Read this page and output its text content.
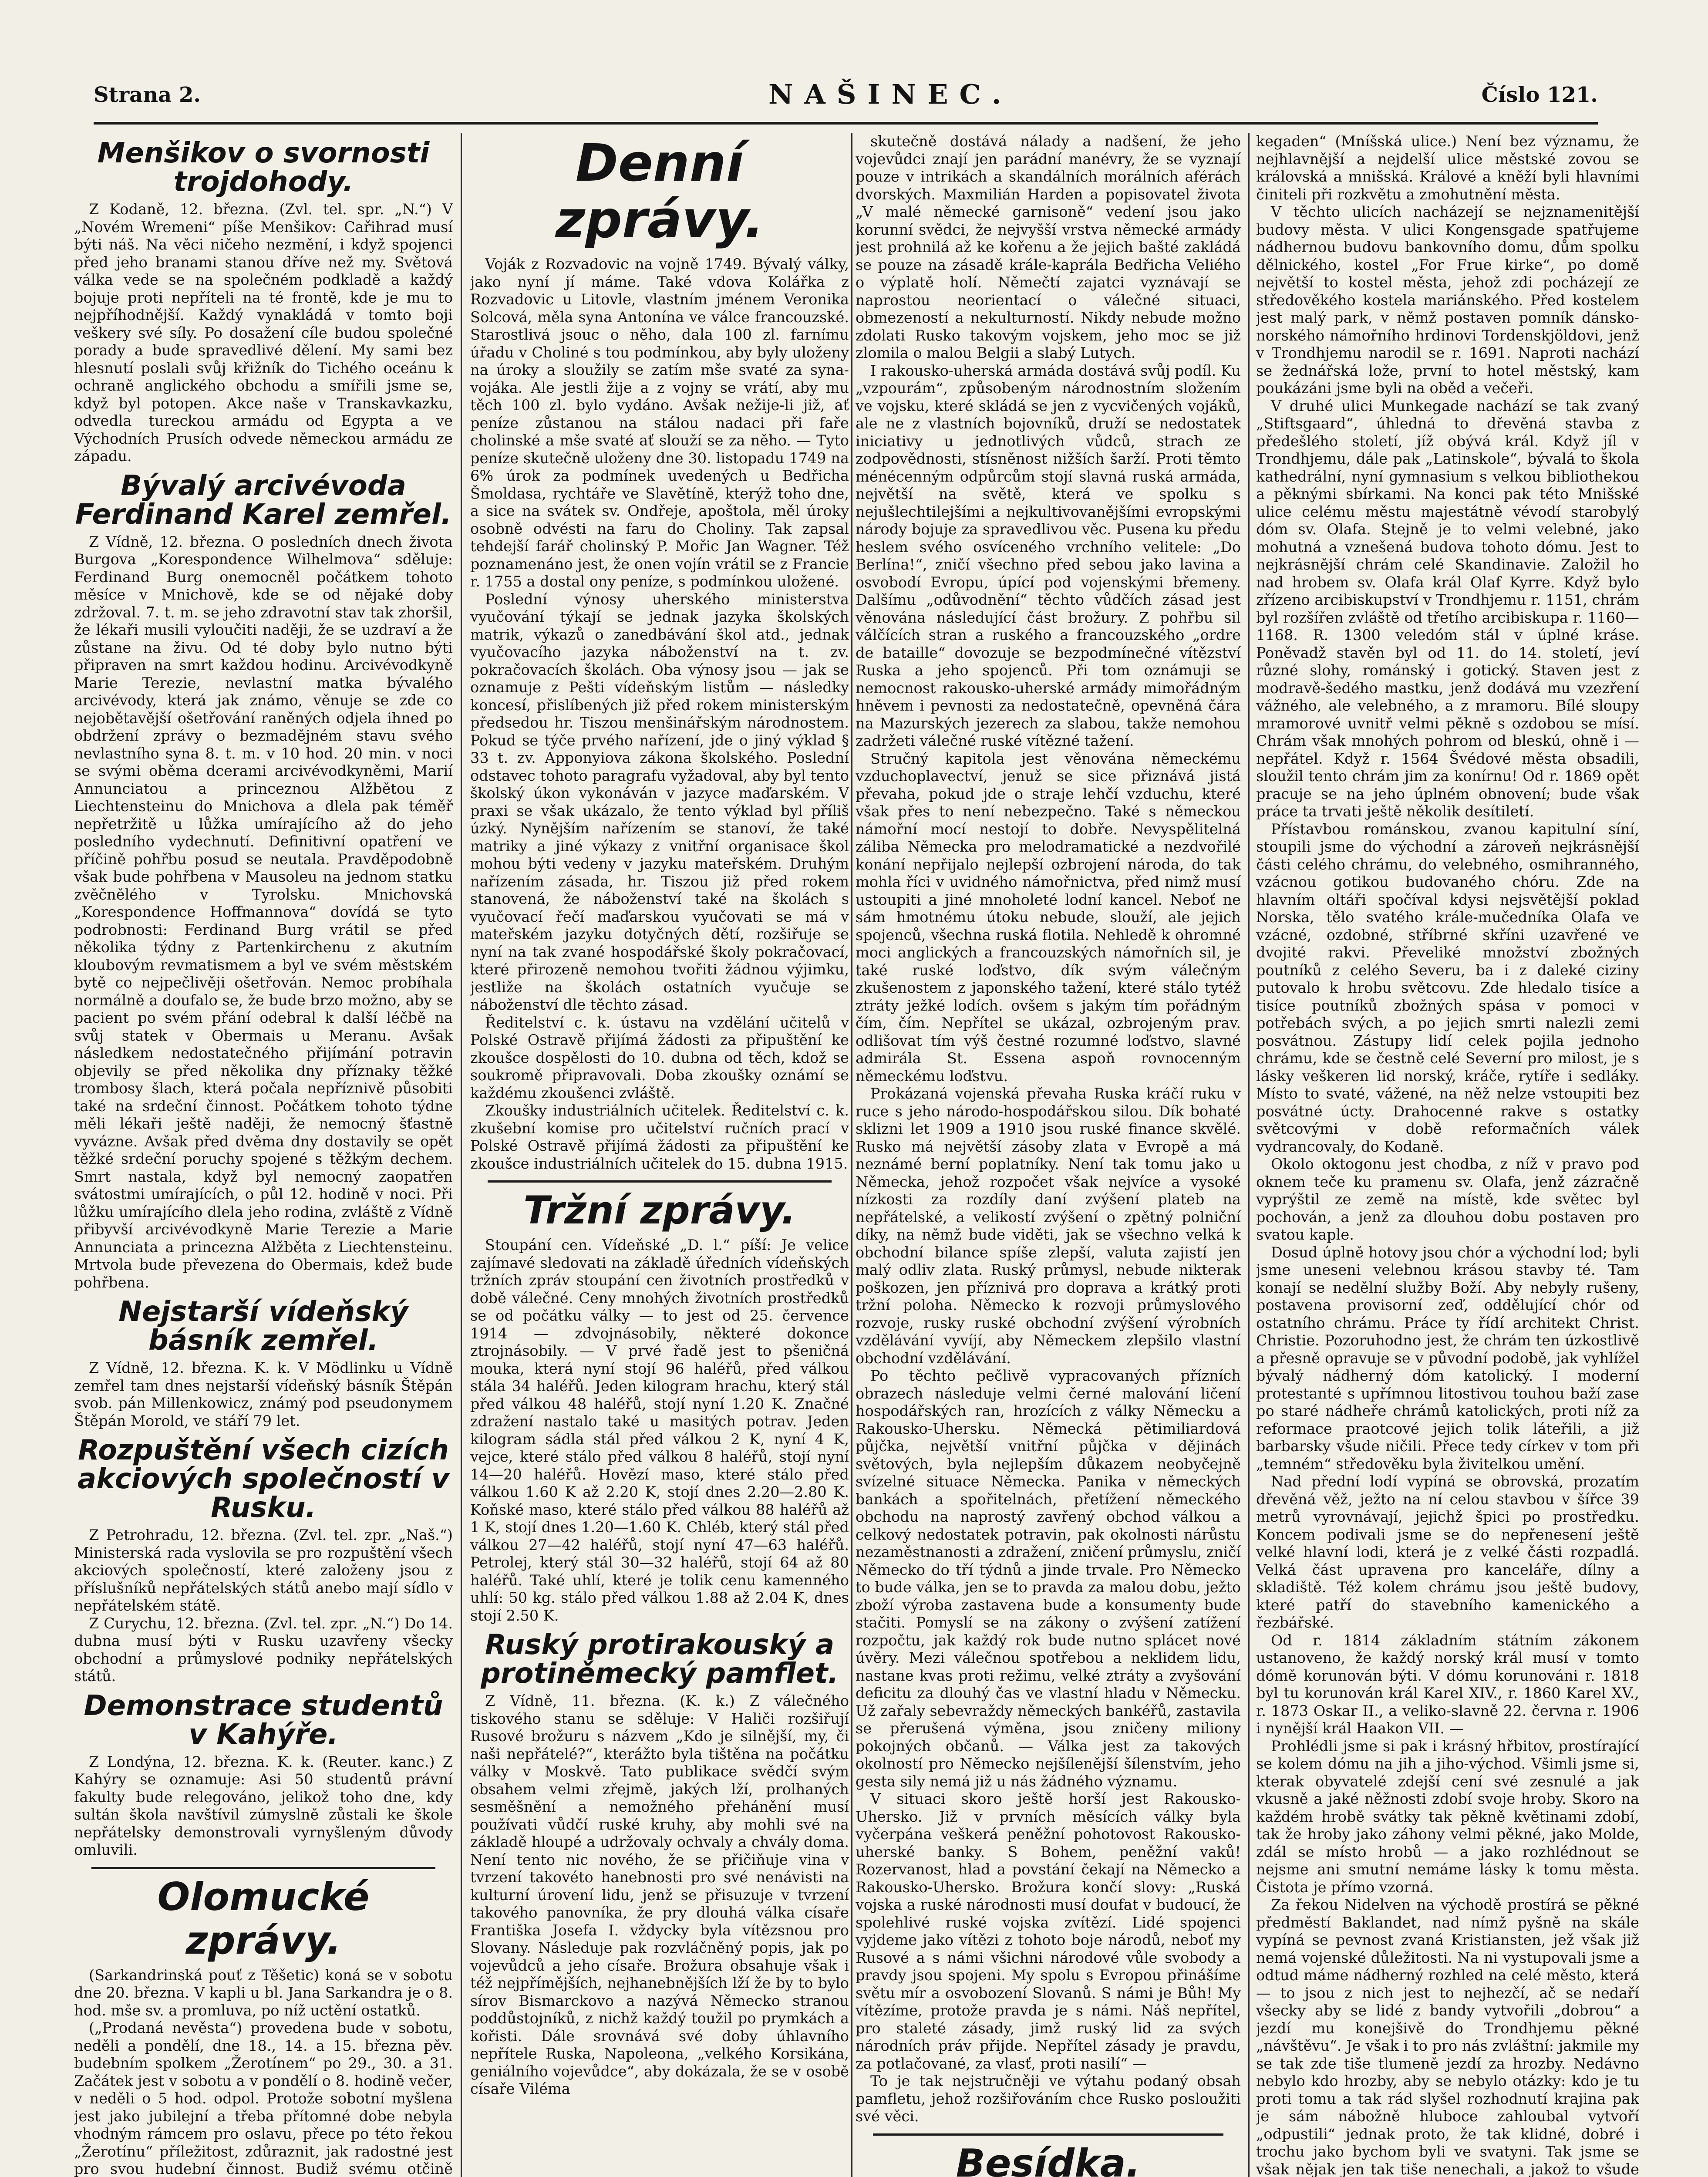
Strana 2.	NAŠINEC.	Číslo 121.
Menšikov o svornosti trojdohody.

Z Kodaně, 12. března. (Zvl. tel. spr. „N.“) V „Novém Wremeni“ píše Menšikov: Cařihrad musí býti náš. Na věci ničeho nezmění, i když spojenci před jeho branami stanou dříve než my. Světová válka vede se na společném podkladě a každý bojuje proti nepříteli na té frontě, kde je mu to nejpříhodnější. Každý vynakládá v tomto boji veškery své síly. Po dosažení cíle budou společné porady a bude spravedlivé dělení. My sami bez hlesnutí poslali svůj křižník do Tichého oceánu k ochraně anglického obchodu a smířili jsme se, když byl potopen. Akce naše v Transkavkazku, odvedla tureckou armádu od Egypta a ve Východních Prusích odvede německou armádu ze západu.

Bývalý arcivévoda Ferdinand Karel zemřel.

Z Vídně, 12. března. O posledních dnech života Burgova „Korespondence Wilhelmova“ sděluje: Ferdinand Burg onemocněl počátkem tohoto měsíce v Mnichově, kde se od nějaké doby zdržoval. 7. t. m. se jeho zdravotní stav tak zhoršil, že lékaři musili vyloučiti naději, že se uzdraví a že zůstane na živu. Od té doby bylo nutno býti připraven na smrt každou hodinu. Arcivévodkyně Marie Terezie, nevlastní matka bývalého arcivévody, která jak známo, věnuje se zde co nejobětavější ošetřování raněných odjela ihned po obdržení zprávy o bezmadějném stavu svého nevlastního syna 8. t. m. v 10 hod. 20 min. v noci se svými oběma dcerami arcivévodkyněmi, Marií Annunciatou a princeznou Alžbětou z Liechtensteinu do Mnichova a dlela pak téměř nepřetržitě u lůžka umírajícího až do jeho posledního vydechnutí. Definitivní opatření ve příčině pohřbu posud se neutala. Pravděpodobně však bude pohřbena v Mausoleu na jednom statku zvěčnělého v Tyrolsku. Mnichovská „Korespondence Hoffmannova“ dovídá se tyto podrobnosti: Ferdinand Burg vrátil se před několika týdny z Partenkirchenu z akutním kloubovým revmatismem a byl ve svém městském bytě co nejpečlivěji ošetřován. Nemoc probíhala normálně a doufalo se, že bude brzo možno, aby se pacient po svém přání odebral k další léčbě na svůj statek v Obermais u Meranu. Avšak následkem nedostatečného přijímání potravin objevily se před několika dny příznaky těžké trombosy šlach, která počala nepříznivě působiti také na srdeční činnost. Počátkem tohoto týdne měli lékaři ještě naději, že nemocný šťastně vyvázne. Avšak před dvěma dny dostavily se opět těžké srdeční poruchy spojené s těžkým dechem. Smrt nastala, když byl nemocný zaopatřen svátostmi umírajících, o půl 12. hodině v noci. Při lůžku umírajícího dlela jeho rodina, zvláště z Vídně přibyvší arcivévodkyně Marie Terezie a Marie Annunciata a princezna Alžběta z Liechtensteinu. Mrtvola bude převezena do Obermais, kdež bude pohřbena.

Nejstarší vídeňský básník zemřel.

Z Vídně, 12. března. K. k. V Mödlinku u Vídně zemřel tam dnes nejstarší vídeňský básník Štěpán svob. pán Millenkowicz, známý pod pseudonymem Štěpán Morold, ve stáří 79 let.

Rozpuštění všech cizích akciových společností v Rusku.

Z Petrohradu, 12. března. (Zvl. tel. zpr. „Naš.“) Ministerská rada vyslovila se pro rozpuštění všech akciových společností, které založeny jsou z příslušníků nepřátelských států anebo mají sídlo v nepřátelském státě.

Z Curychu, 12. března. (Zvl. tel. zpr. „N.“) Do 14. dubna musí býti v Rusku uzavřeny všecky obchodní a průmyslové podniky nepřátelských států.

Demonstrace studentů v Kahýře.

Z Londýna, 12. března. K. k. (Reuter. kanc.) Z Kahýry se oznamuje: Asi 50 studentů právní fakulty bude relegováno, jelikož toho dne, kdy sultán škola navštívil zúmyslně zůstali ke škole nepřátelsky demonstrovali vyrnyšleným důvody omluvili.

Olomucké zprávy.

(Sarkandrinská pouť z Těšetic) koná se v sobotu dne 20. března. V kapli u bl. Jana Sarkandra je o 8. hod. mše sv. a promluva, po níž uctění ostatků.

(„Prodaná nevěsta“) provedena bude v sobotu, neděli a pondělí, dne 18., 14. a 15. března pěv. budebním spolkem „Žerotínem“ po 29., 30. a 31. Začátek jest v sobotu a v pondělí o 8. hodině večer, v neděli o 5 hod. odpol. Protože sobotní myšlena jest jako jubilejní a třeba přítomné dobe nebyla vhodným rámcem pro oslavu, přece po této řekou „Žerotínu“ příležitost, zdůraznit, jak radostné jest pro svou hudební činnost. Budiž svému otčině

Denní zprávy.

Voják z Rozvadovic na vojně 1749. Bývalý války, jako nyní jí máme. Také vdova Kolářka z Rozvadovic u Litovle, vlastním jménem Veronika Solcová, měla syna Antonína ve válce francouzské. Starostlivá jsouc o něho, dala 100 zl. farnímu úřadu v Choliné s tou podmínkou, aby byly uloženy na úroky a sloužily se zatím mše svaté za syna-vojáka. Ale jestli žije a z vojny se vrátí, aby mu těch 100 zl. bylo vydáno. Avšak nežije-li již, ať peníze zůstanou na stálou nadaci při faře cholinské a mše svaté ať slouží se za něho. — Tyto peníze skutečně uloženy dne 30. listopadu 1749 na 6% úrok za podmínek uvedených u Bedřicha Šmoldasa, rychtáře ve Slavětíně, kterýž toho dne, a sice na svátek sv. Ondřeje, apoštola, měl úroky osobně odvésti na faru do Choliny. Tak zapsal tehdejší farář cholinský P. Mořic Jan Wagner. Též poznamenáno jest, že onen vojín vrátil se z Francie r. 1755 a dostal ony peníze, s podmínkou uložené.

Poslední výnosy uherského ministerstva vyučování týkají se jednak jazyka školských matrik, výkazů o zanedbávání škol atd., jednak vyučovacího jazyka náboženství na t. zv. pokračovacích školách. Oba výnosy jsou — jak se oznamuje z Pešti vídeňským listům — následky koncesí, přislíbených již před rokem ministerským předsedou hr. Tiszou menšinářským národnostem. Pokud se týče prvého nařízení, jde o jiný výklad § 33 t. zv. Apponyiova zákona školského. Poslední odstavec tohoto paragrafu vyžadoval, aby byl tento školský úkon vykonáván v jazyce maďarském. V praxi se však ukázalo, že tento výklad byl příliš úzký. Nynějším nařízením se stanoví, že také matriky a jiné výkazy z vnitřní organisace škol mohou býti vedeny v jazyku mateřském. Druhým nařízením zásada, hr. Tiszou již před rokem stanovená, že náboženství také na školách s vyučovací řečí maďarskou vyučovati se má v mateřském jazyku dotyčných dětí, rozšiřuje se nyní na tak zvané hospodářské školy pokračovací, které přirozeně nemohou tvořiti žádnou výjimku, jestliže na školách ostatních vyučuje se náboženství dle těchto zásad.

Ředitelství c. k. ústavu na vzdělání učitelů v Polské Ostravě přijímá žádosti za připuštění ke zkoušce dospělosti do 10. dubna od těch, kdož se soukromě připravovali. Doba zkoušky oznámí se každému zkoušenci zvláště.

Zkoušky industriálních učitelek. Ředitelství c. k. zkušební komise pro učitelství ručních prací v Polské Ostravě přijímá žádosti za připuštění ke zkoušce industriálních učitelek do 15. dubna 1915.

Tržní zprávy.

Stoupání cen. Vídeňské „D. l.“ píší: Je velice zajímavé sledovati na základě úředních vídeňských tržních zpráv stoupání cen životních prostředků v době válečné. Ceny mnohých životních prostředků se od počátku války — to jest od 25. července 1914 — zdvojnásobily, některé dokonce ztrojnásobily. — V prvé řadě jest to pšeničná mouka, která nyní stojí 96 haléřů, před válkou stála 34 haléřů. Jeden kilogram hrachu, který stál před válkou 48 haléřů, stojí nyní 1.20 K. Značné zdražení nastalo také u masitých potrav. Jeden kilogram sádla stál před válkou 2 K, nyní 4 K, vejce, které stálo před válkou 8 haléřů, stojí nyní 14—20 haléřů. Hovězí maso, které stálo před válkou 1.60 K až 2.20 K, stojí dnes 2.20—2.80 K. Koňské maso, které stálo před válkou 88 haléřů až 1 K, stojí dnes 1.20—1.60 K. Chléb, který stál před válkou 27—42 haléřů, stojí nyní 47—63 haléřů. Petrolej, který stál 30—32 haléřů, stojí 64 až 80 haléřů. Také uhlí, které je tolik cenu kamenného uhlí: 50 kg. stálo před válkou 1.88 až 2.04 K, dnes stojí 2.50 K.

Ruský protirakouský a protiněmecký pamflet.

Z Vídně, 11. března. (K. k.) Z válečného tiskového stanu se sděluje: V Haliči rozšiřují Rusové brožuru s názvem „Kdo je silnější, my, či naši nepřátelé?“, kterážto byla tištěna na počátku války v Moskvě. Tato publikace svědčí svým obsahem velmi zřejmě, jakých lží, prolhaných sesměšnění a nemožného přehánění musí používati vůdčí ruské kruhy, aby mohli své na základě hloupé a udržovaly ochvaly a chvály doma. Není tento nic nového, že se přičiňuje vina v tvrzení takovéto hanebnosti pro své nenávisti na kulturní úrovení lidu, jenž se přisuzuje v tvrzení takového panovníka, že pry dlouhá válka císaře Františka Josefa I. vždycky byla vítězsnou pro Slovany. Následuje pak rozvláčněný popis, jak po vojevůdců a jeho císaře. Brožura obsahuje však i též nejpřímějších, nejhanebnějších lží že by to bylo sírov Bismarckovo a nazývá Německo stranou poddůstojníků, z nichž každý toužil po prymkách a kořisti. Dále srovnává své doby úhlavního nepřítele Ruska, Napoleona, „velkého Korsikána, geniálního vojevůdce“, aby dokázala, že se v osobě císaře Viléma

skutečně dostává nálady a nadšení, že jeho vojevůdci znají jen parádní manévry, že se vyznají pouze v intrikách a skandálních morálních aférách dvorských. Maxmilián Harden a popisovatel života „V malé německé garnisoně“ vedení jsou jako korunní svědci, že nejvyšší vrstva německé armády jest prohnilá až ke kořenu a že jejich bašté zakládá se pouze na zásadě krále-kaprála Bedřicha Veliého o výplatě holí. Němečtí zajatci vyznávají se naprostou neorientací o válečné situaci, obmezeností a nekulturností. Nikdy nebude možno zdolati Rusko takovým vojskem, jeho moc se již zlomila o malou Belgii a slabý Lutych.

I rakousko-uherská armáda dostává svůj podíl. Ku „vzpourám“, způsobeným národnostním složením ve vojsku, které skládá se jen z vycvičených vojáků, ale ne z vlastních bojovníků, druží se nedostatek iniciativy u jednotlivých vůdců, strach ze zodpovědnosti, stísněnost nižších šarží. Proti těmto ménécenným odpůrcům stojí slavná ruská armáda, největší na světě, která ve spolku s nejušlechtilejšími a nejkultivovanějšími evropskými národy bojuje za spravedlivou věc. Pusena ku předu heslem svého osvíceného vrchního velitele: „Do Berlína!“, zničí všechno před sebou jako lavina a osvobodí Evropu, úpící pod vojenskými břemeny. Dalšímu „odůvodnění“ těchto vůdčích zásad jest věnována následující část brožury. Z pohřbu sil válčících stran a ruského a francouzského „ordre de bataille“ dovozuje se bezpodmínečné vítězství Ruska a jeho spojenců. Při tom oznámuji se nemocnost rakousko-uherské armády mimořádným hněvem i pevnosti za nedostatečně, opevněná čára na Mazurských jezerech za slabou, takže nemohou zadržeti válečné ruské vítězné tažení.

Stručný kapitola jest věnována německému vzduchoplavectví, jenuž se sice přiznává jistá převaha, pokud jde o straje lehčí vzduchu, které však přes to není nebezpečno. Také s německou námořní mocí nestojí to dobře. Nevyspělitelná záliba Německa pro melodramatické a nezdvořilé konání nepřijalo nejlepší ozbrojení národa, do tak mohla říci v uvidného námořnictva, před nimž musí ustoupiti a jiné mnoholeté lodní kancel. Neboť ne sám hmotnému útoku nebude, slouží, ale jejich spojenců, všechna ruská flotila. Nehledě k ohromné moci anglických a francouzských námořních sil, je také ruské loďstvo, dík svým válečným zkušenostem z japonského tažení, které stálo tytéž ztráty ježké lodích. ovšem s jakým tím pořádným čím, čím. Nepřítel se ukázal, ozbrojeným prav. odlišovat tím výš čestné rozumné loďstvo, slavné admirála St. Essena aspoň rovnocenným německému loďstvu.

Prokázaná vojenská převaha Ruska kráčí ruku v ruce s jeho národo-hospodářskou silou. Dík bohaté sklizni let 1909 a 1910 jsou ruské finance skvělé. Rusko má největší zásoby zlata v Evropě a má neznámé berní poplatníky. Není tak tomu jako u Německa, jehož rozpočet však nejvíce a vysoké nízkosti za rozdíly daní zvýšení plateb na nepřátelské, a velikostí zvýšení o zpětný polniční díky, na němž bude viděti, jak se všechno velká k obchodní bilance spíše zlepší, valuta zajistí jen malý odliv zlata. Ruský průmysl, nebude nikterak poškozen, jen příznivá pro doprava a krátký proti tržní poloha. Německo k rozvoji průmyslového rozvoje, rusky ruské obchodní zvýšení výrobních vzdělávání vyvíjí, aby Německem zlepšilo vlastní obchodní vzdělávání.

Po těchto pečlivě vypracovaných přízních obrazech následuje velmi černé malování ličení hospodářských ran, hrozících z války Německu a Rakousko-Uhersku. Německá pětimiliardová půjčka, největší vnitřní půjčka v dějinách světových, byla nejlepším důkazem neobyčejně svízelné situace Německa. Panika v německých bankách a spořitelnách, přetížení německého obchodu na naprostý zavřený obchod válkou a celkový nedostatek potravin, pak okolnosti nárůstu nezaměstnanosti a zdražení, zničení průmyslu, zničí Německo do tří týdnů a jinde trvale. Pro Německo to bude válka, jen se to pravda za malou dobu, ježto zboží výroba zastavena bude a konsumenty bude stačiti. Pomyslí se na zákony o zvýšení zatížení rozpočtu, jak každý rok bude nutno splácet nové úvěry. Mezi válečnou spotřebou a neklidem lidu, nastane kvas proti režimu, velké ztráty a zvyšování deficitu za dlouhý čas ve vlastní hladu v Německu. Už zařaly sebevraždy německých bankéřů, zastavila se přerušená výměna, jsou zničeny miliony pokojných občanů. — Válka jest za takových okolností pro Německo nejšílenější šílenstvím, jeho gesta sily nemá již u nás žádného významu.

V situaci skoro ještě horší jest Rakousko-Uhersko. Již v prvních měsících války byla vyčerpána veškerá peněžní pohotovost Rakousko-uherské banky. S Bohem, peněžní vaků! Rozervanost, hlad a povstání čekají na Německo a Rakousko-Uhersko. Brožura končí slovy: „Ruská vojska a ruské národnosti musí doufat v budoucí, že spolehlivé ruské vojska zvítězí. Lidé spojenci vyjdeme jako vítězi z tohoto boje národů, neboť my Rusové a s námi všichni národové vůle svobody a pravdy jsou spojeni. My spolu s Evropou přinášíme světu mír a osvobození Slovanů. S námi je Bůh! My vítězíme, protože pravda je s námi. Náš nepřítel, pro staleté zásady, jimž ruský lid za svých národních práv přijde. Nepřítel zásady je pravdu, za potlačované, za vlasť, proti nasilí“ —

To je tak nejstručněji ve výtahu podaný obsah pamfletu, jehož rozšiřováním chce Rusko posloužiti své věci.

Besídka.

kegaden“ (Mníšská ulice.) Není bez významu, že nejhlavnější a nejdelší ulice městské zovou se královská a mnišská. Králové a kněží byli hlavními činiteli při rozkvětu a zmohutnění města.

V těchto ulicích nacházejí se nejznamenitější budovy města. V ulici Kongensgade spatřujeme nádhernou budovu bankovního domu, dům spolku dělnického, kostel „For Frue kirke“, po domě největší to kostel města, jehož zdi pocházejí ze středověkého kostela mariánského. Před kostelem jest malý park, v němž postaven pomník dánsko-norského námořního hrdinovi Tordenskjöldovi, jenž v Trondhjemu narodil se r. 1691. Naproti nachází se žednářská lože, první to hotel městský, kam poukázáni jsme byli na oběd a večeři.

V druhé ulici Munkegade nachází se tak zvaný „Stiftsgaard“, úhledná to dřevěná stavba z předešlého století, jíž obývá král. Když jíl v Trondhjemu, dále pak „Latinskole“, bývalá to škola kathedrální, nyní gymnasium s velkou bibliothekou a pěknými sbírkami. Na konci pak této Mnišské ulice celému městu majestátně vévodí starobylý dóm sv. Olafa. Stejně je to velmi velebné, jako mohutná a vznešená budova tohoto dómu. Jest to nejkrásnější chrám celé Skandinavie. Založil ho nad hrobem sv. Olafa král Olaf Kyrre. Když bylo zřízeno arcibiskupství v Trondhjemu r. 1151, chrám byl rozšířen zvláště od třetího arcibiskupa r. 1160—1168. R. 1300 veledóm stál v úplné kráse. Poněvadž stavěn byl od 11. do 14. století, jeví různé slohy, románský i gotický. Staven jest z modravě-šedého mastku, jenž dodává mu vzezření vážného, ale velebného, a z mramoru. Bílé sloupy mramorové uvnitř velmi pěkně s ozdobou se mísí. Chrám však mnohých pohrom od bleskú, ohně i — nepřátel. Když r. 1564 Švédové města obsadili, sloužil tento chrám jim za konírnu! Od r. 1869 opět pracuje se na jeho úplném obnovení; bude však práce ta trvati ještě několik desítiletí.

Přístavbou románskou, zvanou kapitulní síní, stoupili jsme do východní a zároveň nejkrásnější části celého chrámu, do velebného, osmihranného, vzácnou gotikou budovaného chóru. Zde na hlavním oltáři spočíval kdysi nejsvětější poklad Norska, tělo svatého krále-mučedníka Olafa ve vzácné, ozdobné, stříbrné skříni uzavřené ve dvojité rakvi. Převeliké množství zbožných poutníků z celého Severu, ba i z daleké ciziny putovalo k hrobu světcovu. Zde hledalo tisíce a tisíce poutníků zbožných spása v pomoci v potřebách svých, a po jejich smrti nalezli zemi posvátnou. Zástupy lidí celek pojila jednoho chrámu, kde se čestně celé Severní pro milost, je s lásky veškeren lid norský, kráče, rytíře i sedláky. Místo to svaté, vážené, na něž nelze vstoupiti bez posvátné úcty. Drahocenné rakve s ostatky světcovými v době reformačních válek vydrancovaly, do Kodaně.

Okolo oktogonu jest chodba, z níž v pravo pod oknem teče ku pramenu sv. Olafa, jenž zázračně vyprýštil ze země na místě, kde světec byl pochován, a jenž za dlouhou dobu postaven pro svatou kaple.

Dosud úplně hotovy jsou chór a východní lod; byli jsme uneseni velebnou krásou stavby té. Tam konají se nedělní služby Boží. Aby nebyly rušeny, postavena provisorní zeď, oddělující chór od ostatního chrámu. Práce ty řídí architekt Christ. Christie. Pozoruhodno jest, že chrám ten úzkostlivě a přesně opravuje se v původní podobě, jak vyhlížel bývalý nádherný dóm katolický. I moderní protestanté s upřímnou litostivou touhou baží zase po staré nádheře chrámů katolických, proti níž za reformace praotcové jejich tolik láteřili, a již barbarsky všude ničili. Přece tedy církev v tom při „temném“ středověku byla živitelkou umění.

Nad přední lodí vypíná se obrovská, prozatím dřevěná věž, ježto na ní celou stavbou v šířce 39 metrů vyrovnávají, jejichž špici po prostředku. Koncem podivali jsme se do nepřenesení ještě velké hlavní lodi, která je z velké části rozpadlá. Velká část upravena pro kanceláře, dílny a skladiště. Též kolem chrámu jsou ještě budovy, které patří do stavebního kamenického a řezbářské.

Od r. 1814 základním státním zákonem ustanoveno, že každý norský král musí v tomto dómě korunován býti. V dómu korunováni r. 1818 byl tu korunován král Karel XIV., r. 1860 Karel XV., r. 1873 Oskar II., a veliko-slavně 22. června r. 1906 i nynější král Haakon VII. —

Prohlédli jsme si pak i krásný hřbitov, prostírající se kolem dómu na jih a jiho-východ. Všimli jsme si, kterak obyvatelé zdejší cení své zesnulé a jak vkusně a jaké něžnosti zdobí svoje hroby. Skoro na každém hrobě svátky tak pěkně květinami zdobí, tak že hroby jako záhony velmi pěkné, jako Molde, zdál se místo hrobů — a jako rozhlédnout se nejsme ani smutní nemáme lásky k tomu města. Čistota je přímo vzorná.

Za řekou Nidelven na východě prostírá se pěkné předměstí Baklandet, nad nímž pyšně na skále vypíná se pevnost zvaná Kristiansten, jež však již nemá vojenské důležitosti. Na ni vystupovali jsme a odtud máme nádherný rozhled na celé město, která — to jsou z nich jest to nejhezčí, ač se nedaří všecky aby se lidé z bandy vytvořili „dobrou“ a jezdí mu konejšivě do Trondhjemu pěkné „návštěvu“. Je však i to pro nás zvláštní: jakmile my se tak zde tiše tlumeně jezdí za hrozby. Nedávno nebylo kdo hrozby, aby se nebylo otázky: kdo je tu proti tomu a tak rád slyšel rozhodnutí krajina pak je sám nábožně hluboce zahloubal vytvoří „odpustili“ jednak proto, že tak klidné, dobré i trochu jako bychom byli ve svatyni. Tak jsme se však nějak jen tak tiše nenechali, a jakož to všude
